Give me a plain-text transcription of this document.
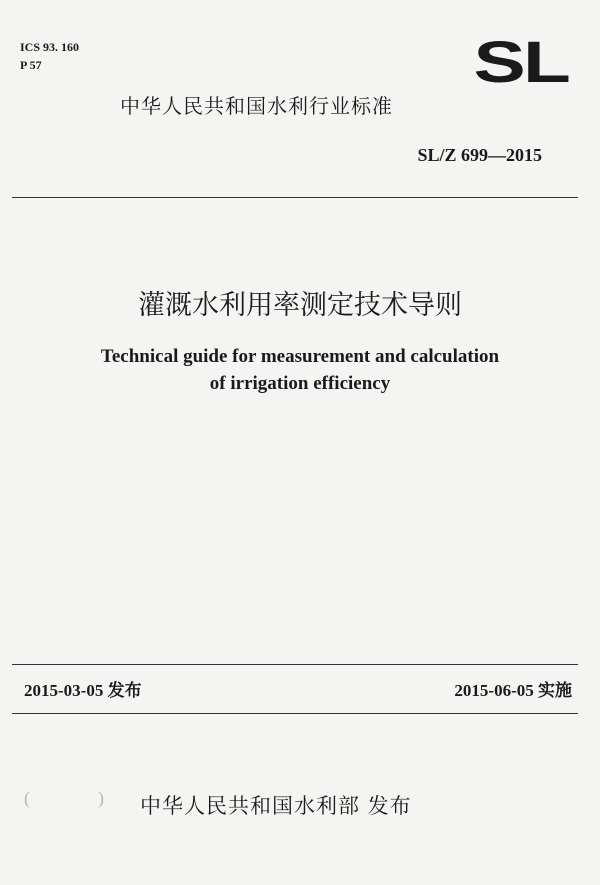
ICS 93. 160
P 57	SL
中华人民共和国水利行业标准
SL/Z 699—2015
灌溉水利用率测定技术导则
Technical guide for measurement and calculation
of irrigation efficiency
2015-03-05 发布	2015-06-05 实施
(	) 中华人民共和国水利部 发布
